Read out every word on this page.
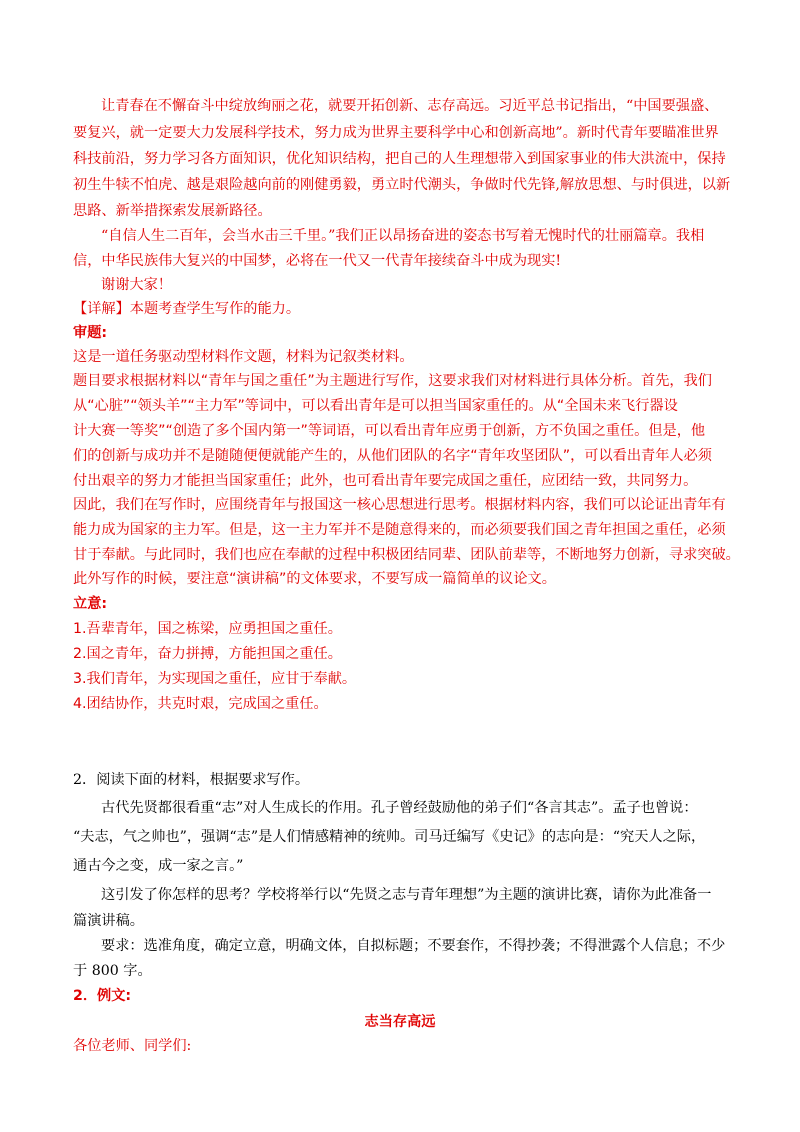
让青春在不懈奋斗中绽放绚丽之花，就要开拓创新、志存高远。习近平总书记指出，“中国要强盛、
要复兴，就一定要大力发展科学技术，努力成为世界主要科学中心和创新高地”。新时代青年要瞄准世界
科技前沿，努力学习各方面知识，优化知识结构，把自己的人生理想带入到国家事业的伟大洪流中，保持
初生牛犊不怕虎、越是艰险越向前的刚健勇毅，勇立时代潮头，争做时代先锋,解放思想、与时俱进，以新
思路、新举措探索发展新路径。
“自信人生二百年，会当水击三千里。”我们正以昂扬奋进的姿态书写着无愧时代的壮丽篇章。我相
信，中华民族伟大复兴的中国梦，必将在一代又一代青年接续奋斗中成为现实!
谢谢大家！
【详解】本题考查学生写作的能力。
审题:
这是一道任务驱动型材料作文题，材料为记叙类材料。
题目要求根据材料以“青年与国之重任”为主题进行写作，这要求我们对材料进行具体分析。首先，我们
从“心脏”“领头羊”“主力军”等词中，可以看出青年是可以担当国家重任的。从“全国未来飞行器设
计大赛一等奖”“创造了多个国内第一”等词语，可以看出青年应勇于创新，方不负国之重任。但是，他
们的创新与成功并不是随随便便就能产生的，从他们团队的名字“青年攻坚团队”，可以看出青年人必须
付出艰辛的努力才能担当国家重任；此外，也可看出青年要完成国之重任，应团结一致，共同努力。
因此，我们在写作时，应围绕青年与报国这一核心思想进行思考。根据材料内容，我们可以论证出青年有
能力成为国家的主力军。但是，这一主力军并不是随意得来的，而必须要我们国之青年担国之重任，必须
甘于奉献。与此同时，我们也应在奉献的过程中积极团结同辈、团队前辈等，不断地努力创新，寻求突破。
此外写作的时候，要注意“演讲稿”的文体要求，不要写成一篇简单的议论文。
立意:
1.吾辈青年，国之栋梁，应勇担国之重任。
2.国之青年，奋力拼搏，方能担国之重任。
3.我们青年，为实现国之重任，应甘于奉献。
4.团结协作，共克时艰，完成国之重任。
2．阅读下面的材料，根据要求写作。
古代先贤都很看重“志”对人生成长的作用。孔子曾经鼓励他的弟子们“各言其志”。孟子也曾说：
“夫志，气之帅也”，强调“志”是人们情感精神的统帅。司马迁编写《史记》的志向是：“究天人之际，
通古今之变，成一家之言。”
这引发了你怎样的思考？学校将举行以“先贤之志与青年理想”为主题的演讲比赛，请你为此准备一
篇演讲稿。
要求：选准角度，确定立意，明确文体，自拟标题；不要套作，不得抄袭；不得泄露个人信息；不少
于 800 字。
2．例文:
志当存高远
各位老师、同学们:
